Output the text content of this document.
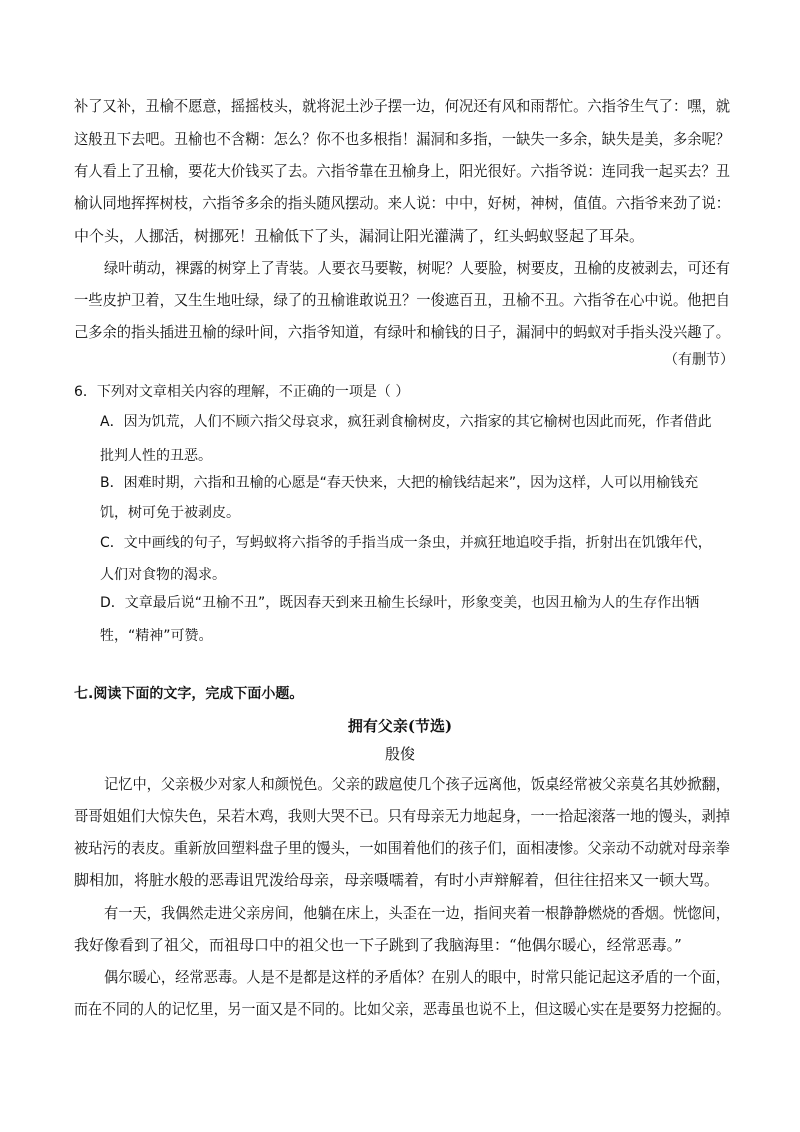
补了又补，丑榆不愿意，摇摇枝头，就将泥土沙子摆一边，何况还有风和雨帮忙。六指爷生气了：嘿，就
这般丑下去吧。丑榆也不含糊：怎么？你不也多根指！漏洞和多指，一缺失一多余，缺失是美，多余呢？
有人看上了丑榆，要花大价钱买了去。六指爷靠在丑榆身上，阳光很好。六指爷说：连同我一起买去？丑
榆认同地挥挥树枝，六指爷多余的指头随风摆动。来人说：中中，好树，神树，值值。六指爷来劲了说：
中个头，人挪活，树挪死！丑榆低下了头，漏洞让阳光灌满了，红头蚂蚁竖起了耳朵。
绿叶萌动，裸露的树穿上了青装。人要衣马要鞍，树呢？人要脸，树要皮，丑榆的皮被剥去，可还有
一些皮护卫着，又生生地吐绿，绿了的丑榆谁敢说丑？一俊遮百丑，丑榆不丑。六指爷在心中说。他把自
己多余的指头插进丑榆的绿叶间，六指爷知道，有绿叶和榆钱的日子，漏洞中的蚂蚁对手指头没兴趣了。
（有删节）
6．下列对文章相关内容的理解，不正确的一项是（ ）
A．因为饥荒，人们不顾六指父母哀求，疯狂剥食榆树皮，六指家的其它榆树也因此而死，作者借此
批判人性的丑恶。
B．困难时期，六指和丑榆的心愿是“春天快来，大把的榆钱结起来”，因为这样，人可以用榆钱充
饥，树可免于被剥皮。
C．文中画线的句子，写蚂蚁将六指爷的手指当成一条虫，并疯狂地追咬手指，折射出在饥饿年代，
人们对食物的渴求。
D．文章最后说“丑榆不丑”，既因春天到来丑榆生长绿叶，形象变美，也因丑榆为人的生存作出牺
牲，“精神”可赞。
七.阅读下面的文字，完成下面小题。
拥有父亲(节选)
殷俊
记忆中，父亲极少对家人和颜悦色。父亲的跋扈使几个孩子远离他，饭桌经常被父亲莫名其妙掀翻，
哥哥姐姐们大惊失色，呆若木鸡，我则大哭不已。只有母亲无力地起身，一一拾起滚落一地的馒头，剥掉
被玷污的表皮。重新放回塑料盘子里的馒头，一如围着他们的孩子们，面相凄惨。父亲动不动就对母亲拳
脚相加，将脏水般的恶毒诅咒泼给母亲，母亲嗫嚅着，有时小声辩解着，但往往招来又一顿大骂。
有一天，我偶然走进父亲房间，他躺在床上，头歪在一边，指间夹着一根静静燃烧的香烟。恍惚间，
我好像看到了祖父，而祖母口中的祖父也一下子跳到了我脑海里：“他偶尔暖心，经常恶毒。”
偶尔暖心，经常恶毒。人是不是都是这样的矛盾体？在别人的眼中，时常只能记起这矛盾的一个面，
而在不同的人的记忆里，另一面又是不同的。比如父亲，恶毒虽也说不上，但这暖心实在是要努力挖掘的。
